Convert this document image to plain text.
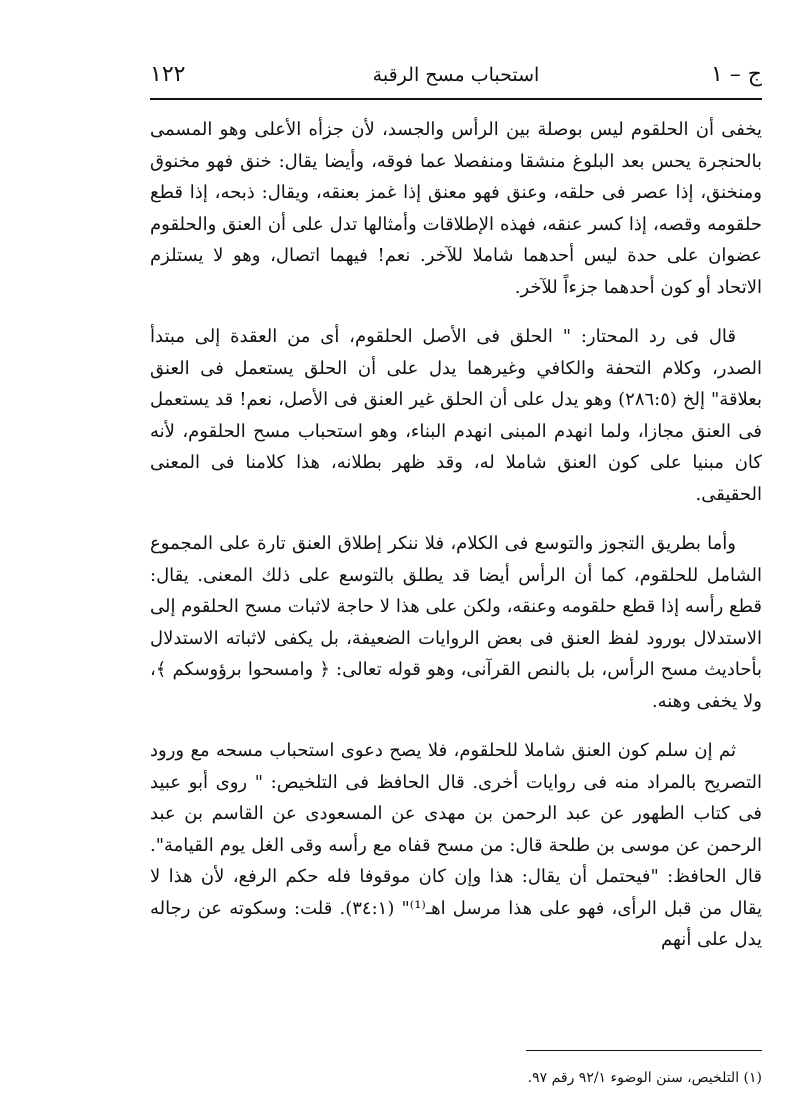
ج – ١
استحباب مسح الرقبة
١٢٢

يخفى أن الحلقوم ليس بوصلة بين الرأس والجسد، لأن جزأه الأعلى وهو المسمى بالحنجرة يحس بعد البلوغ منشقا ومنفصلا عما فوقه، وأيضا يقال: خنق فهو مخنوق ومنخنق، إذا عصر فى حلقه، وعنق فهو معنق إذا غمز بعنقه، ويقال: ذبحه، إذا قطع حلقومه وقصه، إذا كسر عنقه، فهذه الإطلاقات وأمثالها تدل على أن العنق والحلقوم عضوان على حدة ليس أحدهما شاملا للآخر. نعم! فيهما اتصال، وهو لا يستلزم الاتحاد أو كون أحدهما جزءاً للآخر.

قال فى رد المحتار: " الحلق فى الأصل الحلقوم، أى من العقدة إلى مبتدأ الصدر، وكلام التحفة والكافي وغيرهما يدل على أن الحلق يستعمل فى العنق بعلاقة" إلخ (٢٨٦:٥) وهو يدل على أن الحلق غير العنق فى الأصل، نعم! قد يستعمل فى العنق مجازا، ولما انهدم المبنى انهدم البناء، وهو استحباب مسح الحلقوم، لأنه كان مبنيا على كون العنق شاملا له، وقد ظهر بطلانه، هذا كلامنا فى المعنى الحقيقى.

وأما بطريق التجوز والتوسع فى الكلام، فلا ننكر إطلاق العنق تارة على المجموع الشامل للحلقوم، كما أن الرأس أيضا قد يطلق بالتوسع على ذلك المعنى. يقال: قطع رأسه إذا قطع حلقومه وعنقه، ولكن على هذا لا حاجة لاثبات مسح الحلقوم إلى الاستدلال بورود لفظ العنق فى بعض الروايات الضعيفة، بل يكفى لاثباته الاستدلال بأحاديث مسح الرأس، بل بالنص القرآنى، وهو قوله تعالى: ﴿ وامسحوا برؤوسكم ﴾، ولا يخفى وهنه.

ثم إن سلم كون العنق شاملا للحلقوم، فلا يصح دعوى استحباب مسحه مع ورود التصريح بالمراد منه فى روايات أخرى. قال الحافظ فى التلخيص: " روى أبو عبيد فى كتاب الطهور عن عبد الرحمن بن مهدى عن المسعودى عن القاسم بن عبد الرحمن عن موسى بن طلحة قال: من مسح قفاه مع رأسه وقى الغل يوم القيامة". قال الحافظ: "فيحتمل أن يقال: هذا وإن كان موقوفا فله حكم الرفع، لأن هذا لا يقال من قبل الرأى، فهو على هذا مرسل اهـ⁽¹⁾" (٣٤:١). قلت: وسكوته عن رجاله يدل على أنهم

(١) التلخيص، سنن الوضوء ٩٢/١ رقم ٩٧.
